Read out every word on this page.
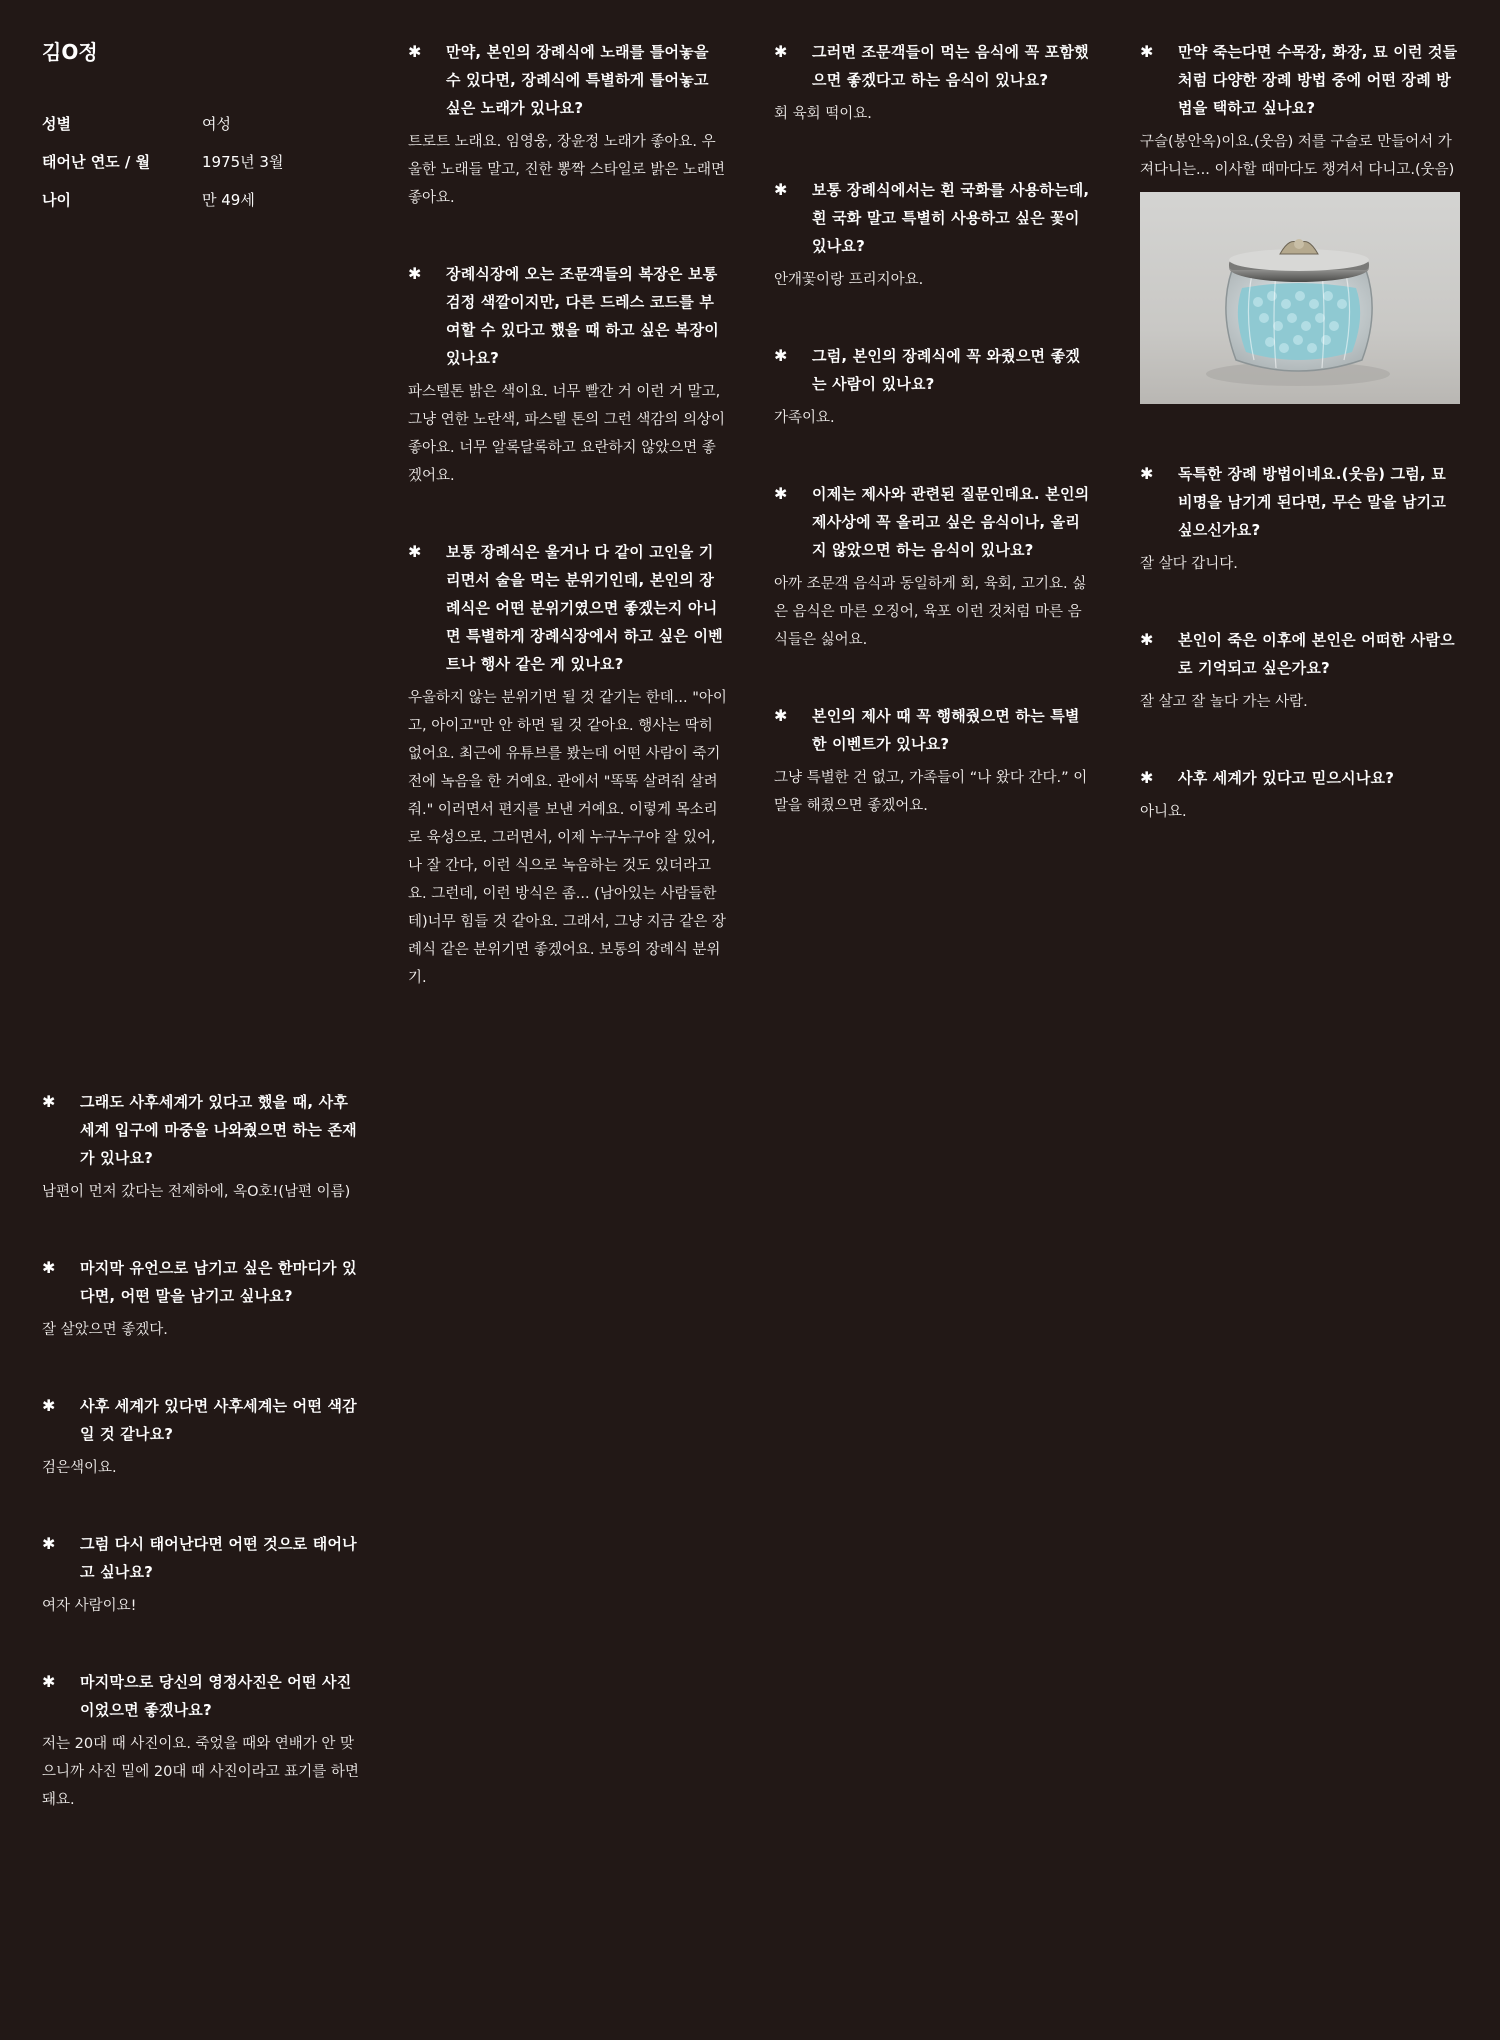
김O정
성별	여성
태어난 연도 / 월	1975년 3월
나이	만 49세
✱	그래도 사후세계가 있다고 했을 때, 사후 세계 입구에 마중을 나와줬으면 하는 존재가 있나요?
남편이 먼저 갔다는 전제하에, 옥O호!(남편 이름)
✱	마지막 유언으로 남기고 싶은 한마디가 있다면, 어떤 말을 남기고 싶나요?
잘 살았으면 좋겠다.
✱	사후 세계가 있다면 사후세계는 어떤 색감일 것 같나요?
검은색이요.
✱	그럼 다시 태어난다면 어떤 것으로 태어나고 싶나요?
여자 사람이요!
✱	마지막으로 당신의 영정사진은 어떤 사진이었으면 좋겠나요?
저는 20대 때 사진이요. 죽었을 때와 연배가 안 맞으니까 사진 밑에 20대 때 사진이라고 표기를 하면 돼요.
✱	만약, 본인의 장례식에 노래를 틀어놓을 수 있다면, 장례식에 특별하게 틀어놓고 싶은 노래가 있나요?
트로트 노래요. 임영웅, 장윤정 노래가 좋아요. 우울한 노래들 말고, 진한 뽕짝 스타일로 밝은 노래면 좋아요.
✱	장례식장에 오는 조문객들의 복장은 보통 검정 색깔이지만, 다른 드레스 코드를 부여할 수 있다고 했을 때 하고 싶은 복장이 있나요?
파스텔톤 밝은 색이요. 너무 빨간 거 이런 거 말고, 그냥 연한 노란색, 파스텔 톤의 그런 색감의 의상이 좋아요. 너무 알록달록하고 요란하지 않았으면 좋겠어요.
✱	보통 장례식은 울거나 다 같이 고인을 기리면서 술을 먹는 분위기인데, 본인의 장례식은 어떤 분위기였으면 좋겠는지 아니면 특별하게 장례식장에서 하고 싶은 이벤트나 행사 같은 게 있나요?
우울하지 않는 분위기면 될 것 같기는 한데... "아이고, 아이고"만 안 하면 될 것 같아요. 행사는 딱히 없어요. 최근에 유튜브를 봤는데 어떤 사람이 죽기 전에 녹음을 한 거예요. 관에서 "똑똑 살려줘 살려줘." 이러면서 편지를 보낸 거예요. 이렇게 목소리로 육성으로. 그러면서, 이제 누구누구야 잘 있어, 나 잘 간다, 이런 식으로 녹음하는 것도 있더라고요. 그런데, 이런 방식은 좀... (남아있는 사람들한테)너무 힘들 것 같아요. 그래서, 그냥 지금 같은 장례식 같은 분위기면 좋겠어요. 보통의 장례식 분위기.
✱	그러면 조문객들이 먹는 음식에 꼭 포함했으면 좋겠다고 하는 음식이 있나요?
회 육회 떡이요.
✱	보통 장례식에서는 흰 국화를 사용하는데, 흰 국화 말고 특별히 사용하고 싶은 꽃이 있나요?
안개꽃이랑 프리지아요.
✱	그럼, 본인의 장례식에 꼭 와줬으면 좋겠는 사람이 있나요?
가족이요.
✱	이제는 제사와 관련된 질문인데요. 본인의 제사상에 꼭 올리고 싶은 음식이나, 올리지 않았으면 하는 음식이 있나요?
아까 조문객 음식과 동일하게 회, 육회, 고기요. 싫은 음식은 마른 오징어, 육포 이런 것처럼 마른 음식들은 싫어요.
✱	본인의 제사 때 꼭 행해줬으면 하는 특별한 이벤트가 있나요?
그냥 특별한 건 없고, 가족들이 “나 왔다 간다.” 이 말을 해줬으면 좋겠어요.
✱	만약 죽는다면 수목장, 화장, 묘 이런 것들처럼 다양한 장례 방법 중에 어떤 장례 방법을 택하고 싶나요?
구슬(봉안옥)이요.(웃음) 저를 구슬로 만들어서 가져다니는... 이사할 때마다도 챙겨서 다니고.(웃음)
✱	독특한 장례 방법이네요.(웃음) 그럼, 묘비명을 남기게 된다면, 무슨 말을 남기고 싶으신가요?
잘 살다 갑니다.
✱	본인이 죽은 이후에 본인은 어떠한 사람으로 기억되고 싶은가요?
잘 살고 잘 놀다 가는 사람.
✱	사후 세계가 있다고 믿으시나요?
아니요.
